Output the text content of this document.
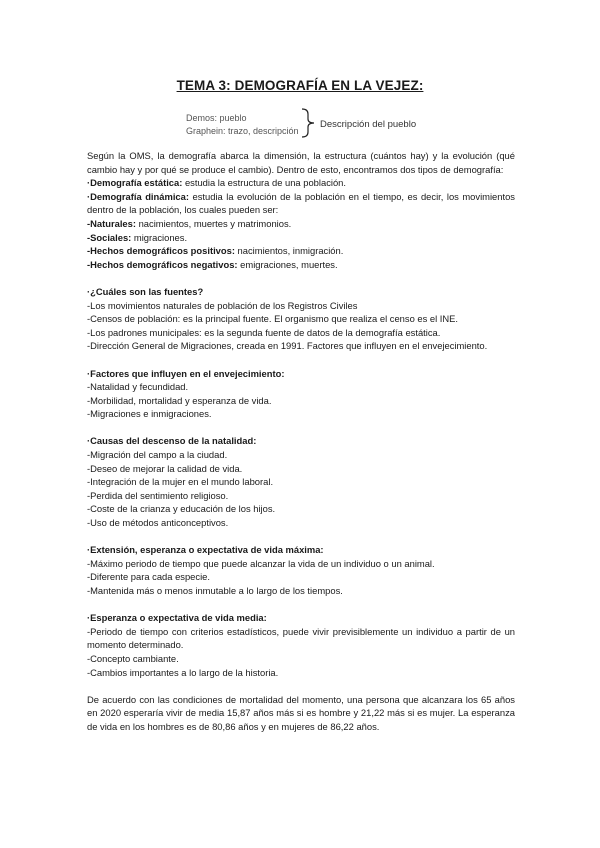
TEMA 3: DEMOGRAFÍA EN LA VEJEZ:
Demos: pueblo
Graphein: trazo, descripción
Descripción del pueblo

Según la OMS, la demografía abarca la dimensión, la estructura (cuántos hay) y la evolución (qué cambio hay y por qué se produce el cambio). Dentro de esto, encontramos dos tipos de demografía:

·Demografía estática: estudia la estructura de una población.

·Demografía dinámica: estudia la evolución de la población en el tiempo, es decir, los movimientos dentro de la población, los cuales pueden ser:

-Naturales: nacimientos, muertes y matrimonios.

-Sociales: migraciones.

-Hechos demográficos positivos: nacimientos, inmigración.

-Hechos demográficos negativos: emigraciones, muertes.

·¿Cuáles son las fuentes?

-Los movimientos naturales de población de los Registros Civiles

-Censos de población: es la principal fuente. El organismo que realiza el censo es el INE.

-Los padrones municipales: es la segunda fuente de datos de la demografía estática.

-Dirección General de Migraciones, creada en 1991. Factores que influyen en el envejecimiento.

·Factores que influyen en el envejecimiento:

-Natalidad y fecundidad.

-Morbilidad, mortalidad y esperanza de vida.

-Migraciones e inmigraciones.

·Causas del descenso de la natalidad:

-Migración del campo a la ciudad.

-Deseo de mejorar la calidad de vida.

-Integración de la mujer en el mundo laboral.

-Perdida del sentimiento religioso.

-Coste de la crianza y educación de los hijos.

-Uso de métodos anticonceptivos.

·Extensión, esperanza o expectativa de vida máxima:

-Máximo periodo de tiempo que puede alcanzar la vida de un individuo o un animal.

-Diferente para cada especie.

-Mantenida más o menos inmutable a lo largo de los tiempos.

·Esperanza o expectativa de vida media:

-Periodo de tiempo con criterios estadísticos, puede vivir previsiblemente un individuo a partir de un momento determinado.

-Concepto cambiante.

-Cambios importantes a lo largo de la historia.

De acuerdo con las condiciones de mortalidad del momento, una persona que alcanzara los 65 años en 2020 esperaría vivir de media 15,87 años más si es hombre y 21,22 más si es mujer. La esperanza de vida en los hombres es de 80,86 años y en mujeres de 86,22 años.
